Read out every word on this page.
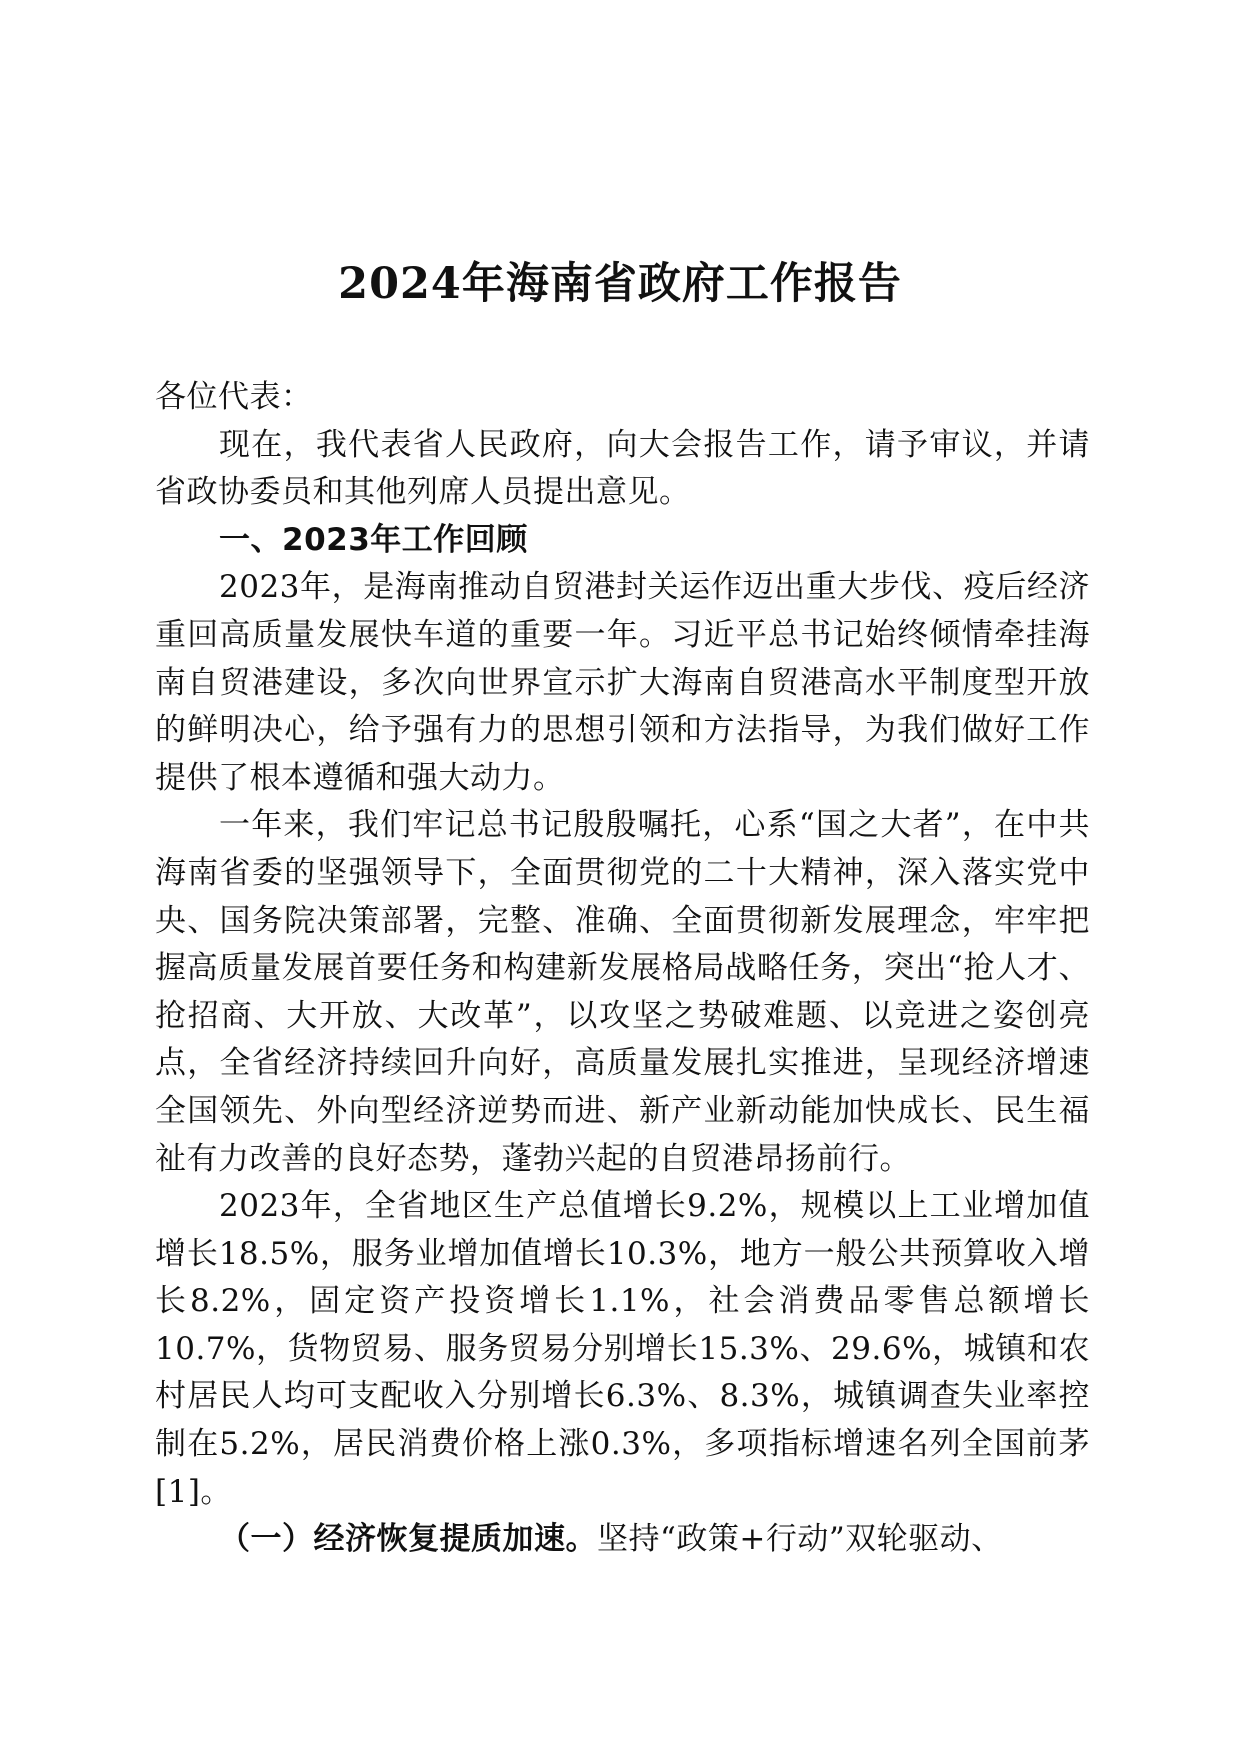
2024年海南省政府工作报告

各位代表：

现在，我代表省人民政府，向大会报告工作，请予审议，并请省政协委员和其他列席人员提出意见。

一、2023年工作回顾

2023年，是海南推动自贸港封关运作迈出重大步伐、疫后经济重回高质量发展快车道的重要一年。习近平总书记始终倾情牵挂海南自贸港建设，多次向世界宣示扩大海南自贸港高水平制度型开放的鲜明决心，给予强有力的思想引领和方法指导，为我们做好工作提供了根本遵循和强大动力。

一年来，我们牢记总书记殷殷嘱托，心系“国之大者”，在中共海南省委的坚强领导下，全面贯彻党的二十大精神，深入落实党中央、国务院决策部署，完整、准确、全面贯彻新发展理念，牢牢把握高质量发展首要任务和构建新发展格局战略任务，突出“抢人才、抢招商、大开放、大改革”，以攻坚之势破难题、以竞进之姿创亮点，全省经济持续回升向好，高质量发展扎实推进，呈现经济增速全国领先、外向型经济逆势而进、新产业新动能加快成长、民生福祉有力改善的良好态势，蓬勃兴起的自贸港昂扬前行。

2023年，全省地区生产总值增长9.2%，规模以上工业增加值增长18.5%，服务业增加值增长10.3%，地方一般公共预算收入增长8.2%，固定资产投资增长1.1%，社会消费品零售总额增长10.7%，货物贸易、服务贸易分别增长15.3%、29.6%，城镇和农村居民人均可支配收入分别增长6.3%、8.3%，城镇调查失业率控制在5.2%，居民消费价格上涨0.3%，多项指标增速名列全国前茅[1]。

（一）经济恢复提质加速。坚持“政策+行动”双轮驱动、
